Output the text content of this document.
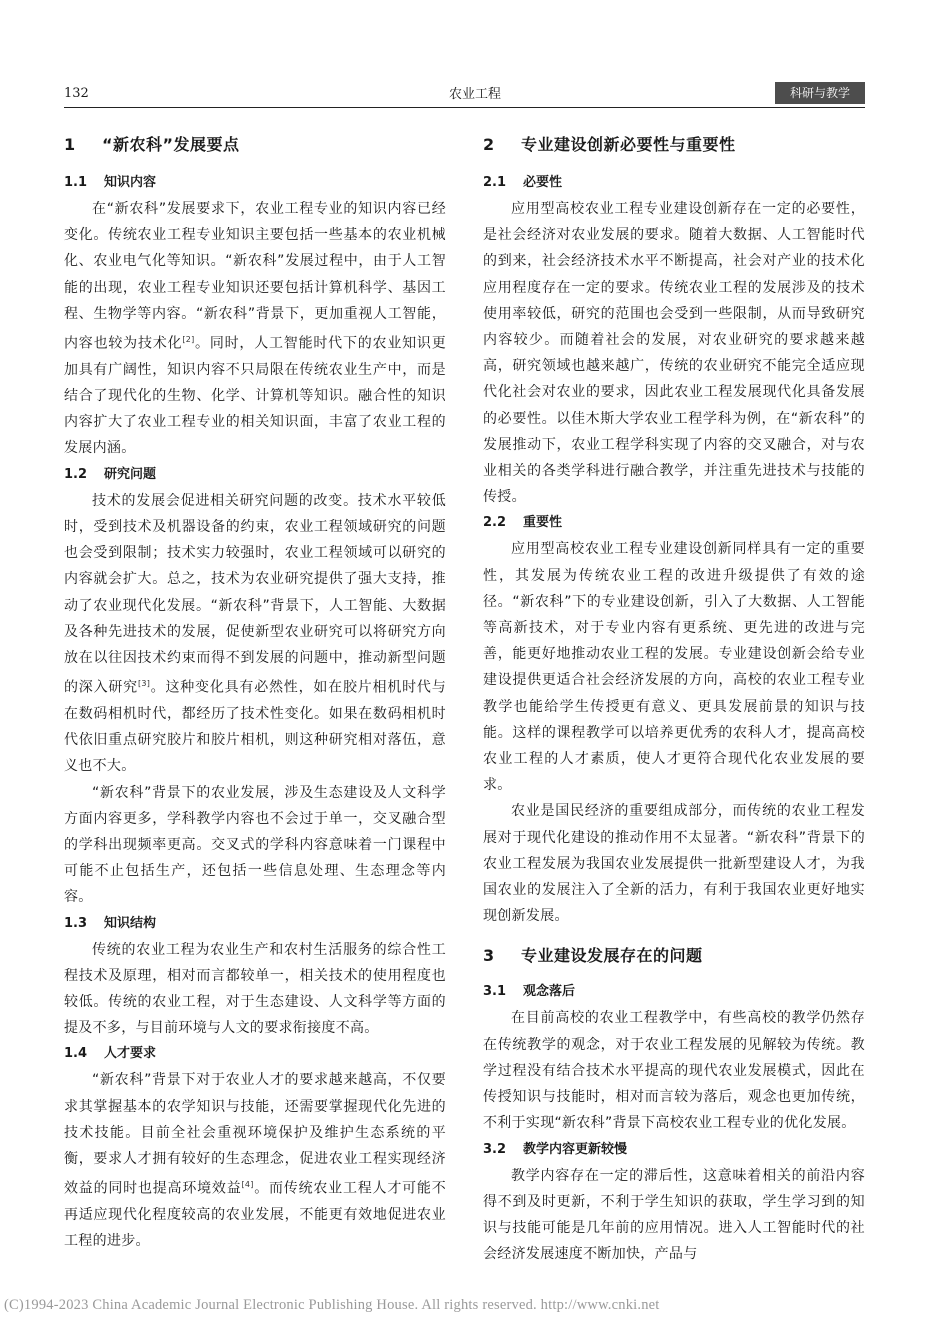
132	农业工程	科研与教学
1 “新农科”发展要点
1.1 知识内容

在“新农科”发展要求下，农业工程专业的知识内容已经变化。传统农业工程专业知识主要包括一些基本的农业机械化、农业电气化等知识。“新农科”发展过程中，由于人工智能的出现，农业工程专业知识还要包括计算机科学、基因工程、生物学等内容。“新农科”背景下，更加重视人工智能，内容也较为技术化[2]。同时，人工智能时代下的农业知识更加具有广阔性，知识内容不只局限在传统农业生产中，而是结合了现代化的生物、化学、计算机等知识。融合性的知识内容扩大了农业工程专业的相关知识面，丰富了农业工程的发展内涵。

1.2 研究问题

技术的发展会促进相关研究问题的改变。技术水平较低时，受到技术及机器设备的约束，农业工程领域研究的问题也会受到限制；技术实力较强时，农业工程领域可以研究的内容就会扩大。总之，技术为农业研究提供了强大支持，推动了农业现代化发展。“新农科”背景下，人工智能、大数据及各种先进技术的发展，促使新型农业研究可以将研究方向放在以往因技术约束而得不到发展的问题中，推动新型问题的深入研究[3]。这种变化具有必然性，如在胶片相机时代与在数码相机时代，都经历了技术性变化。如果在数码相机时代依旧重点研究胶片和胶片相机，则这种研究相对落伍，意义也不大。

“新农科”背景下的农业发展，涉及生态建设及人文科学方面内容更多，学科教学内容也不会过于单一，交叉融合型的学科出现频率更高。交叉式的学科内容意味着一门课程中可能不止包括生产，还包括一些信息处理、生态理念等内容。

1.3 知识结构

传统的农业工程为农业生产和农村生活服务的综合性工程技术及原理，相对而言都较单一，相关技术的使用程度也较低。传统的农业工程，对于生态建设、人文科学等方面的提及不多，与目前环境与人文的要求衔接度不高。

1.4 人才要求

“新农科”背景下对于农业人才的要求越来越高，不仅要求其掌握基本的农学知识与技能，还需要掌握现代化先进的技术技能。目前全社会重视环境保护及维护生态系统的平衡，要求人才拥有较好的生态理念，促进农业工程实现经济效益的同时也提高环境效益[4]。而传统农业工程人才可能不再适应现代化程度较高的农业发展，不能更有效地促进农业工程的进步。

2 专业建设创新必要性与重要性
2.1 必要性

应用型高校农业工程专业建设创新存在一定的必要性，是社会经济对农业发展的要求。随着大数据、人工智能时代的到来，社会经济技术水平不断提高，社会对产业的技术化应用程度存在一定的要求。传统农业工程的发展涉及的技术使用率较低，研究的范围也会受到一些限制，从而导致研究内容较少。而随着社会的发展，对农业研究的要求越来越高，研究领域也越来越广，传统的农业研究不能完全适应现代化社会对农业的要求，因此农业工程发展现代化具备发展的必要性。以佳木斯大学农业工程学科为例，在“新农科”的发展推动下，农业工程学科实现了内容的交叉融合，对与农业相关的各类学科进行融合教学，并注重先进技术与技能的传授。

2.2 重要性

应用型高校农业工程专业建设创新同样具有一定的重要性，其发展为传统农业工程的改进升级提供了有效的途径。“新农科”下的专业建设创新，引入了大数据、人工智能等高新技术，对于专业内容有更系统、更先进的改进与完善，能更好地推动农业工程的发展。专业建设创新会给专业建设提供更适合社会经济发展的方向，高校的农业工程专业教学也能给学生传授更有意义、更具发展前景的知识与技能。这样的课程教学可以培养更优秀的农科人才，提高高校农业工程的人才素质，使人才更符合现代化农业发展的要求。

农业是国民经济的重要组成部分，而传统的农业工程发展对于现代化建设的推动作用不太显著。“新农科”背景下的农业工程发展为我国农业发展提供一批新型建设人才，为我国农业的发展注入了全新的活力，有利于我国农业更好地实现创新发展。

3 专业建设发展存在的问题
3.1 观念落后

在目前高校的农业工程教学中，有些高校的教学仍然存在传统教学的观念，对于农业工程发展的见解较为传统。教学过程没有结合技术水平提高的现代农业发展模式，因此在传授知识与技能时，相对而言较为落后，观念也更加传统，不利于实现“新农科”背景下高校农业工程专业的优化发展。

3.2 教学内容更新较慢

教学内容存在一定的滞后性，这意味着相关的前沿内容得不到及时更新，不利于学生知识的获取，学生学习到的知识与技能可能是几年前的应用情况。进入人工智能时代的社会经济发展速度不断加快，产品与

(C)1994-2023 China Academic Journal Electronic Publishing House. All rights reserved. http://www.cnki.net
